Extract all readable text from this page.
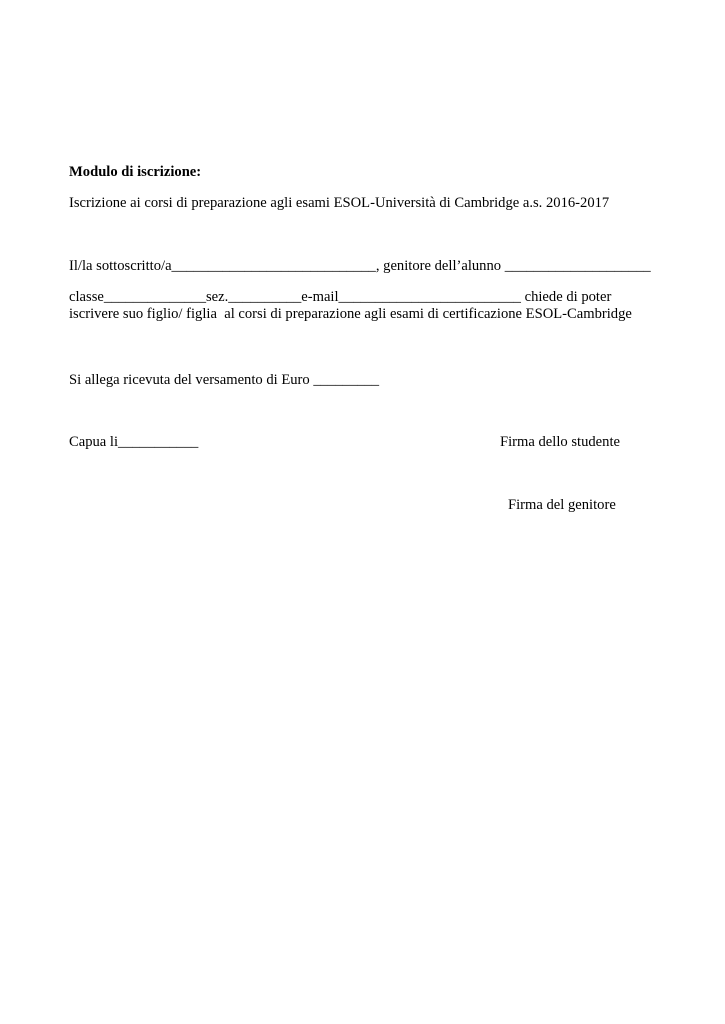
Modulo di iscrizione:
Iscrizione ai corsi di preparazione agli esami ESOL-Università di Cambridge a.s. 2016-2017
Il/la sottoscritto/a____________________________, genitore dell’alunno ____________________
classe______________sez.__________e-mail_________________________ chiede di poter
iscrivere suo figlio/ figlia  al corsi di preparazione agli esami di certificazione ESOL-Cambridge
Si allega ricevuta del versamento di Euro _________
Capua li___________	Firma dello studente
Firma del genitore
